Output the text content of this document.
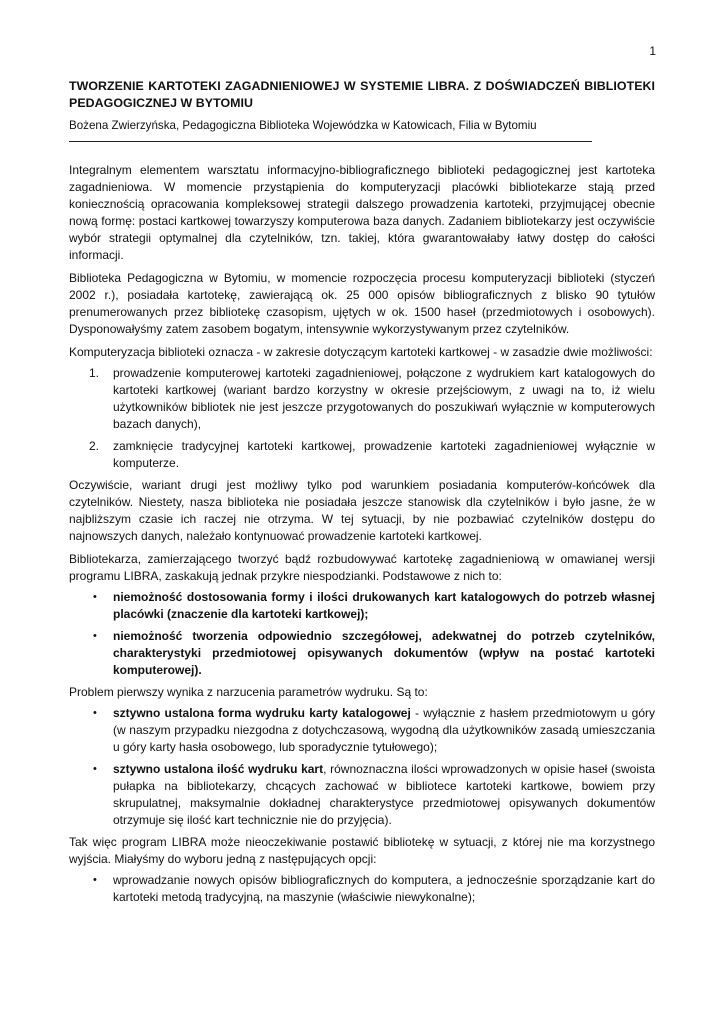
1
TWORZENIE KARTOTEKI ZAGADNIENIOWEJ W SYSTEMIE LIBRA. Z DOŚWIADCZEŃ BIBLIOTEKI PEDAGOGICZNEJ W BYTOMIU
Bożena Zwierzyńska, Pedagogiczna Biblioteka Wojewódzka w Katowicach, Filia w Bytomiu

Integralnym elementem warsztatu informacyjno-bibliograficznego biblioteki pedagogicznej jest kartoteka zagadnieniowa. W momencie przystąpienia do komputeryzacji placówki bibliotekarze stają przed koniecznością opracowania kompleksowej strategii dalszego prowadzenia kartoteki, przyjmującej obecnie nową formę: postaci kartkowej towarzyszy komputerowa baza danych. Zadaniem bibliotekarzy jest oczywiście wybór strategii optymalnej dla czytelników, tzn. takiej, która gwarantowałaby łatwy dostęp do całości informacji.

Biblioteka Pedagogiczna w Bytomiu, w momencie rozpoczęcia procesu komputeryzacji biblioteki (styczeń 2002 r.), posiadała kartotekę, zawierającą ok. 25 000 opisów bibliograficznych z blisko 90 tytułów prenumerowanych przez bibliotekę czasopism, ujętych w ok. 1500 haseł (przedmiotowych i osobowych). Dysponowałyśmy zatem zasobem bogatym, intensywnie wykorzystywanym przez czytelników.

Komputeryzacja biblioteki oznacza - w zakresie dotyczącym kartoteki kartkowej - w zasadzie dwie możliwości:

1.	prowadzenie komputerowej kartoteki zagadnieniowej, połączone z wydrukiem kart katalogowych do kartoteki kartkowej (wariant bardzo korzystny w okresie przejściowym, z uwagi na to, iż wielu użytkowników bibliotek nie jest jeszcze przygotowanych do poszukiwań wyłącznie w komputerowych bazach danych),
2.	zamknięcie tradycyjnej kartoteki kartkowej, prowadzenie kartoteki zagadnieniowej wyłącznie w komputerze.

Oczywiście, wariant drugi jest możliwy tylko pod warunkiem posiadania komputerów-końcówek dla czytelników. Niestety, nasza biblioteka nie posiadała jeszcze stanowisk dla czytelników i było jasne, że w najbliższym czasie ich raczej nie otrzyma. W tej sytuacji, by nie pozbawiać czytelników dostępu do najnowszych danych, należało kontynuować prowadzenie kartoteki kartkowej.

Bibliotekarza, zamierzającego tworzyć bądź rozbudowywać kartotekę zagadnieniową w omawianej wersji programu LIBRA, zaskakują jednak przykre niespodzianki. Podstawowe z nich to:

• niemożność dostosowania formy i ilości drukowanych kart katalogowych do potrzeb własnej placówki (znaczenie dla kartoteki kartkowej);
• niemożność tworzenia odpowiednio szczegółowej, adekwatnej do potrzeb czytelników, charakterystyki przedmiotowej opisywanych dokumentów (wpływ na postać kartoteki komputerowej).

Problem pierwszy wynika z narzucenia parametrów wydruku. Są to:

• sztywno ustalona forma wydruku karty katalogowej - wyłącznie z hasłem przedmiotowym u góry (w naszym przypadku niezgodna z dotychczasową, wygodną dla użytkowników zasadą umieszczania u góry karty hasła osobowego, lub sporadycznie tytułowego);
• sztywno ustalona ilość wydruku kart, równoznaczna ilości wprowadzonych w opisie haseł (swoista pułapka na bibliotekarzy, chcących zachować w bibliotece kartoteki kartkowe, bowiem przy skrupulatnej, maksymalnie dokładnej charakterystyce przedmiotowej opisywanych dokumentów otrzymuje się ilość kart technicznie nie do przyjęcia).

Tak więc program LIBRA może nieoczekiwanie postawić bibliotekę w sytuacji, z której nie ma korzystnego wyjścia. Miałyśmy do wyboru jedną z następujących opcji:

• wprowadzanie nowych opisów bibliograficznych do komputera, a jednocześnie sporządzanie kart do kartoteki metodą tradycyjną, na maszynie (właściwie niewykonalne);
